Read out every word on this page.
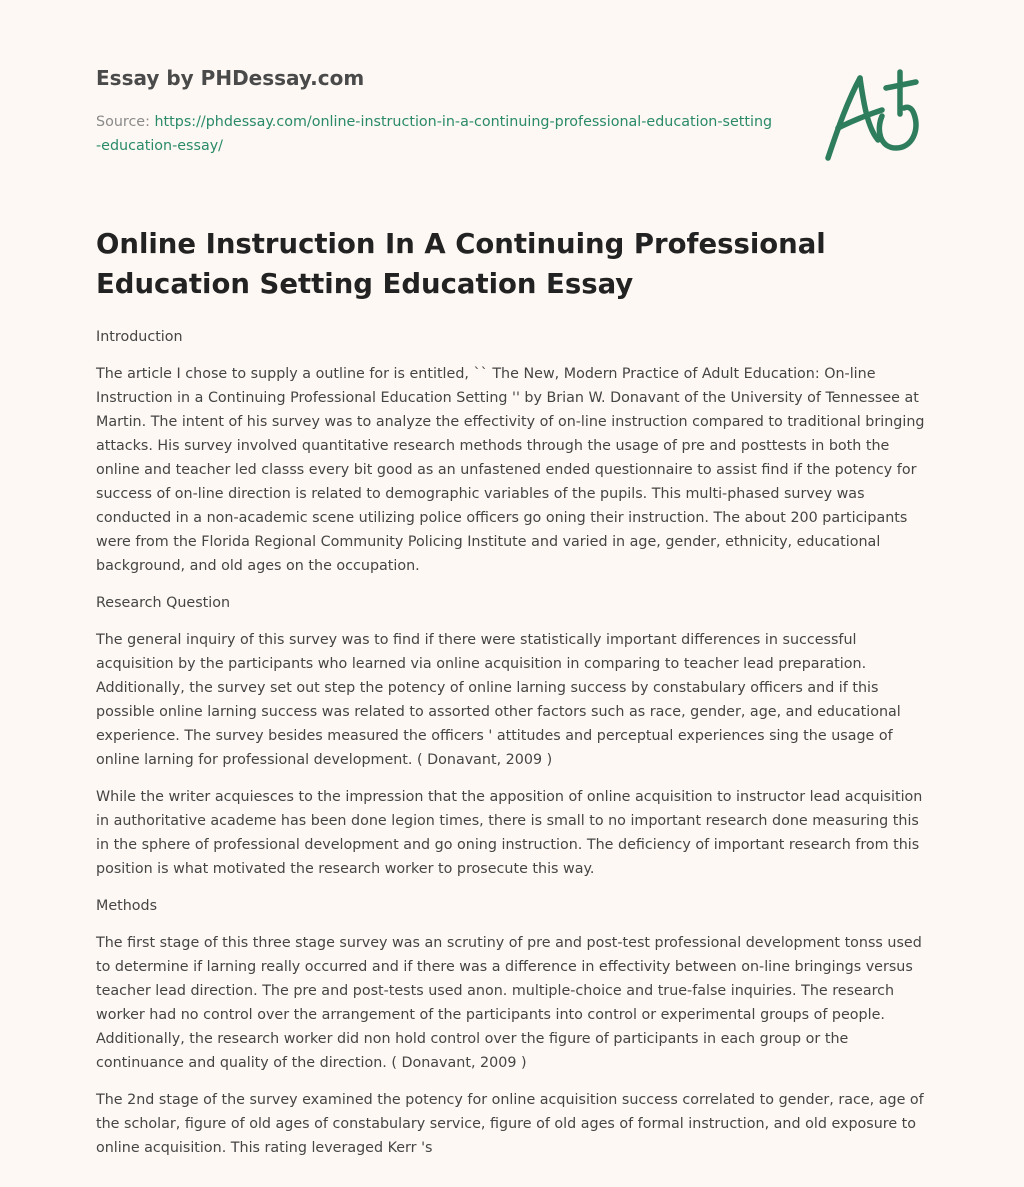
Essay by PHDessay.com
Source: https://phdessay.com/online-instruction-in-a-continuing-professional-education-setting-education-essay/
Online Instruction In A Continuing Professional Education Setting Education Essay
Introduction

The article I chose to supply a outline for is entitled, `` The New, Modern Practice of Adult Education: On-line Instruction in a Continuing Professional Education Setting '' by Brian W. Donavant of the University of Tennessee at Martin. The intent of his survey was to analyze the effectivity of on-line instruction compared to traditional bringing attacks. His survey involved quantitative research methods through the usage of pre and posttests in both the online and teacher led classs every bit good as an unfastened ended questionnaire to assist find if the potency for success of on-line direction is related to demographic variables of the pupils. This multi-phased survey was conducted in a non-academic scene utilizing police officers go oning their instruction. The about 200 participants were from the Florida Regional Community Policing Institute and varied in age, gender, ethnicity, educational background, and old ages on the occupation.

Research Question

The general inquiry of this survey was to find if there were statistically important differences in successful acquisition by the participants who learned via online acquisition in comparing to teacher lead preparation. Additionally, the survey set out step the potency of online larning success by constabulary officers and if this possible online larning success was related to assorted other factors such as race, gender, age, and educational experience. The survey besides measured the officers ' attitudes and perceptual experiences sing the usage of online larning for professional development. ( Donavant, 2009 )

While the writer acquiesces to the impression that the apposition of online acquisition to instructor lead acquisition in authoritative academe has been done legion times, there is small to no important research done measuring this in the sphere of professional development and go oning instruction. The deficiency of important research from this position is what motivated the research worker to prosecute this way.

Methods

The first stage of this three stage survey was an scrutiny of pre and post-test professional development tonss used to determine if larning really occurred and if there was a difference in effectivity between on-line bringings versus teacher lead direction. The pre and post-tests used anon. multiple-choice and true-false inquiries. The research worker had no control over the arrangement of the participants into control or experimental groups of people. Additionally, the research worker did non hold control over the figure of participants in each group or the continuance and quality of the direction. ( Donavant, 2009 )

The 2nd stage of the survey examined the potency for online acquisition success correlated to gender, race, age of the scholar, figure of old ages of constabulary service, figure of old ages of formal instruction, and old exposure to online acquisition. This rating leveraged Kerr 's
